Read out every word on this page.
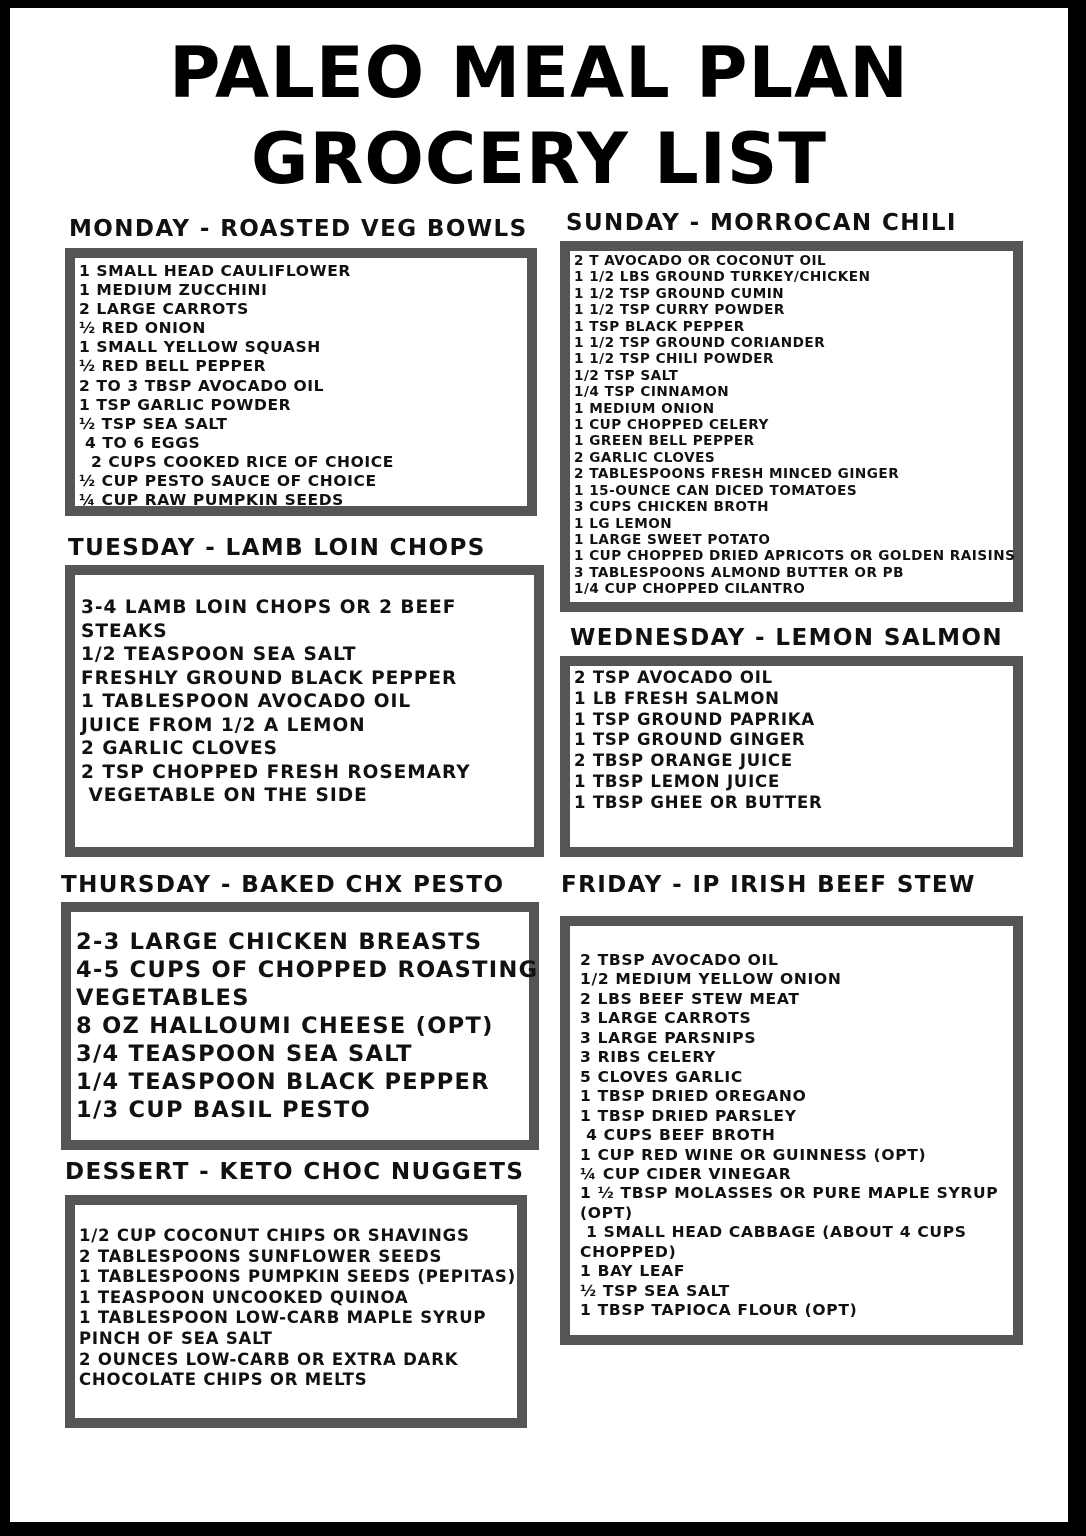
PALEO MEAL PLAN
GROCERY LIST
MONDAY - ROASTED VEG BOWLS
1 SMALL HEAD CAULIFLOWER
1 MEDIUM ZUCCHINI
2 LARGE CARROTS
½ RED ONION
1 SMALL YELLOW SQUASH
½ RED BELL PEPPER
2 TO 3 TBSP AVOCADO OIL
1 TSP GARLIC POWDER
½ TSP SEA SALT
4 TO 6 EGGS
2 CUPS COOKED RICE OF CHOICE
½ CUP PESTO SAUCE OF CHOICE
¼ CUP RAW PUMPKIN SEEDS
SUNDAY - MORROCAN CHILI
2 T AVOCADO OR COCONUT OIL
1 1/2 LBS GROUND TURKEY/CHICKEN
1 1/2 TSP GROUND CUMIN
1 1/2 TSP CURRY POWDER
1 TSP BLACK PEPPER
1 1/2 TSP GROUND CORIANDER
1 1/2 TSP CHILI POWDER
1/2 TSP SALT
1/4 TSP CINNAMON
1 MEDIUM ONION
1 CUP CHOPPED CELERY
1 GREEN BELL PEPPER
2 GARLIC CLOVES
2 TABLESPOONS FRESH MINCED GINGER
1 15-OUNCE CAN DICED TOMATOES
3 CUPS CHICKEN BROTH
1 LG LEMON
1 LARGE SWEET POTATO
1 CUP CHOPPED DRIED APRICOTS OR GOLDEN RAISINS
3 TABLESPOONS ALMOND BUTTER OR PB
1/4 CUP CHOPPED CILANTRO
TUESDAY - LAMB LOIN CHOPS
3-4 LAMB LOIN CHOPS OR 2 BEEF
STEAKS
1/2 TEASPOON SEA SALT
FRESHLY GROUND BLACK PEPPER
1 TABLESPOON AVOCADO OIL
JUICE FROM 1/2 A LEMON
2 GARLIC CLOVES
2 TSP CHOPPED FRESH ROSEMARY
VEGETABLE ON THE SIDE
WEDNESDAY - LEMON SALMON
2 TSP AVOCADO OIL
1 LB FRESH SALMON
1 TSP GROUND PAPRIKA
1 TSP GROUND GINGER
2 TBSP ORANGE JUICE
1 TBSP LEMON JUICE
1 TBSP GHEE OR BUTTER
THURSDAY - BAKED CHX PESTO
2-3 LARGE CHICKEN BREASTS
4-5 CUPS OF CHOPPED ROASTING
VEGETABLES
8 OZ HALLOUMI CHEESE (OPT)
3/4 TEASPOON SEA SALT
1/4 TEASPOON BLACK PEPPER
1/3 CUP BASIL PESTO
FRIDAY - IP IRISH BEEF STEW
2 TBSP AVOCADO OIL
1/2 MEDIUM YELLOW ONION
2 LBS BEEF STEW MEAT
3 LARGE CARROTS
3 LARGE PARSNIPS
3 RIBS CELERY
5 CLOVES GARLIC
1 TBSP DRIED OREGANO
1 TBSP DRIED PARSLEY
4 CUPS BEEF BROTH
1 CUP RED WINE OR GUINNESS (OPT)
¼ CUP CIDER VINEGAR
1 ½ TBSP MOLASSES OR PURE MAPLE SYRUP
(OPT)
1 SMALL HEAD CABBAGE (ABOUT 4 CUPS
CHOPPED)
1 BAY LEAF
½ TSP SEA SALT
1 TBSP TAPIOCA FLOUR (OPT)
DESSERT - KETO CHOC NUGGETS
1/2 CUP COCONUT CHIPS OR SHAVINGS
2 TABLESPOONS SUNFLOWER SEEDS
1 TABLESPOONS PUMPKIN SEEDS (PEPITAS)
1 TEASPOON UNCOOKED QUINOA
1 TABLESPOON LOW-CARB MAPLE SYRUP
PINCH OF SEA SALT
2 OUNCES LOW-CARB OR EXTRA DARK
CHOCOLATE CHIPS OR MELTS
